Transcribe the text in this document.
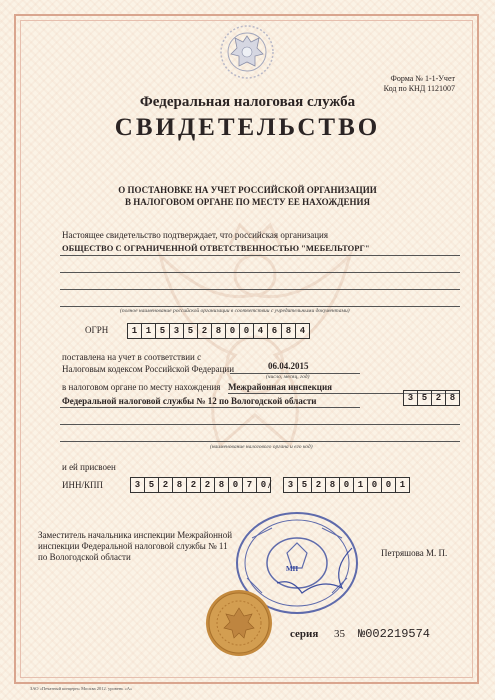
Форма № 1-1-Учет
Код по КНД 1121007
Федеральная налоговая служба
СВИДЕТЕЛЬСТВО
О ПОСТАНОВКЕ НА УЧЕТ РОССИЙСКОЙ ОРГАНИЗАЦИИ
В НАЛОГОВОМ ОРГАНЕ ПО МЕСТУ ЕЕ НАХОЖДЕНИЯ
Настоящее свидетельство подтверждает, что российская организация
ОБЩЕСТВО С ОГРАНИЧЕННОЙ ОТВЕТСТВЕННОСТЬЮ "МЕБЕЛЬТОРГ"
(полное наименование российской организации в соответствии с учредительными документами)
ОГРН	1 1 5 3 5 2 8 0 0 4 6 8 4
поставлена на учет в соответствии с
Налоговым кодексом Российской Федерации	06.04.2015
(число, месяц, год)
в налоговом органе по месту нахождения Межрайонная инспекция
Федеральной налоговой службы № 12 по Вологодской области	3 5 2 8
(наименование налогового органа и его код)
и ей присвоен
ИНН/КПП	3 5 2 8 2 2 8 0 7 0 /	3 5 2 8 0 1 0 0 1
Заместитель начальника инспекции Межрайонной
инспекции Федеральной налоговой службы № 11
по Вологодской области	Петряшова М. П.
МП
серия 35 №002219574
ЗАО «Печатный концерн» Москва 2012. уровень «А»
